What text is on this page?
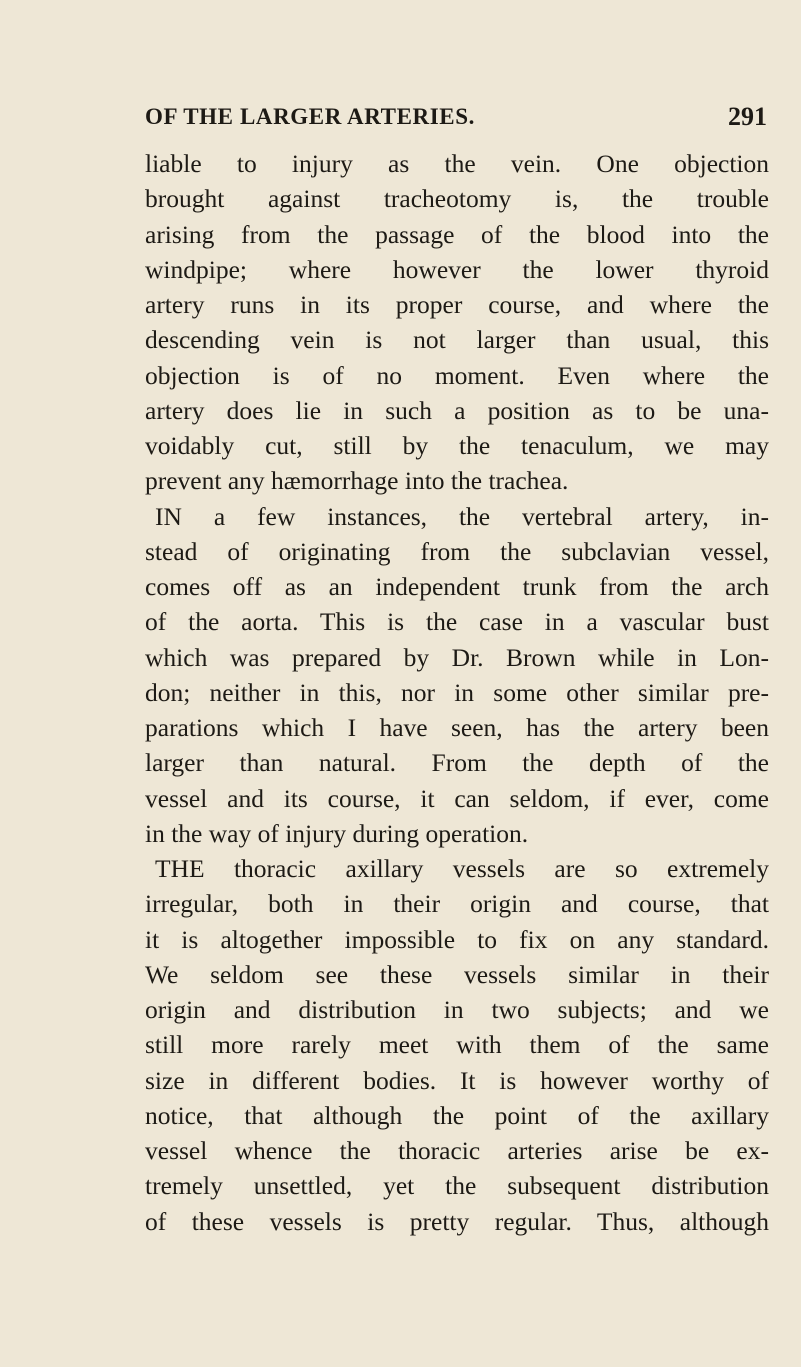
OF THE LARGER ARTERIES.	291
liable to injury as the vein. One objection
brought against tracheotomy is, the trouble
arising from the passage of the blood into the
windpipe; where however the lower thyroid
artery runs in its proper course, and where the
descending vein is not larger than usual, this
objection is of no moment. Even where the
artery does lie in such a position as to be una-
voidably cut, still by the tenaculum, we may
prevent any hæmorrhage into the trachea.
IN a few instances, the vertebral artery, in-
stead of originating from the subclavian vessel,
comes off as an independent trunk from the arch
of the aorta. This is the case in a vascular bust
which was prepared by Dr. Brown while in Lon-
don; neither in this, nor in some other similar pre-
parations which I have seen, has the artery been
larger than natural. From the depth of the
vessel and its course, it can seldom, if ever, come
in the way of injury during operation.
THE thoracic axillary vessels are so extremely
irregular, both in their origin and course, that
it is altogether impossible to fix on any standard.
We seldom see these vessels similar in their
origin and distribution in two subjects; and we
still more rarely meet with them of the same
size in different bodies. It is however worthy of
notice, that although the point of the axillary
vessel whence the thoracic arteries arise be ex-
tremely unsettled, yet the subsequent distribution
of these vessels is pretty regular. Thus, although
